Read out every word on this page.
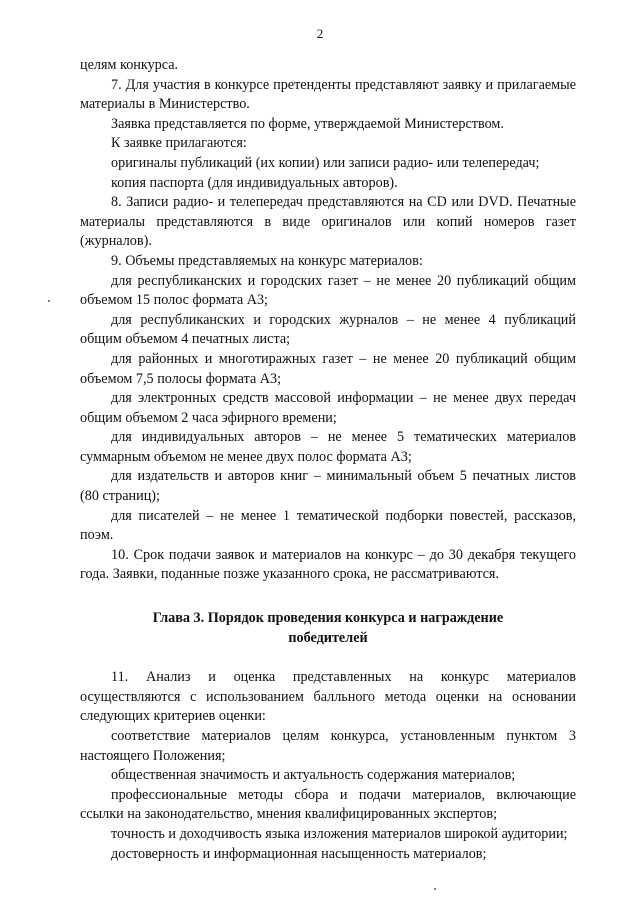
2

целям конкурса.

7. Для участия в конкурсе претенденты представляют заявку и прилагаемые материалы в Министерство.

Заявка представляется по форме, утверждаемой Министерством.

К заявке прилагаются:

оригиналы публикаций (их копии) или записи радио- или телепередач;

копия паспорта (для индивидуальных авторов).

8. Записи радио- и телепередач представляются на CD или DVD. Печатные материалы представляются в виде оригиналов или копий номеров газет (журналов).

9. Объемы представляемых на конкурс материалов:

для республиканских и городских газет – не менее 20 публикаций общим объемом 15 полос формата А3;

для республиканских и городских журналов – не менее 4 публикаций общим объемом 4 печатных листа;

для районных и многотиражных газет – не менее 20 публикаций общим объемом 7,5 полосы формата А3;

для электронных средств массовой информации – не менее двух передач общим объемом 2 часа эфирного времени;

для индивидуальных авторов – не менее 5 тематических материалов суммарным объемом не менее двух полос формата А3;

для издательств и авторов книг – минимальный объем 5 печатных листов (80 страниц);

для писателей – не менее 1 тематической подборки повестей, рассказов, поэм.

10. Срок подачи заявок и материалов на конкурс – до 30 декабря текущего года. Заявки, поданные позже указанного срока, не рассматриваются.

Глава 3. Порядок проведения конкурса и награждение победителей

11. Анализ и оценка представленных на конкурс материалов осуществляются с использованием балльного метода оценки на основании следующих критериев оценки:

соответствие материалов целям конкурса, установленным пунктом 3 настоящего Положения;

общественная значимость и актуальность содержания материалов;

профессиональные методы сбора и подачи материалов, включающие ссылки на законодательство, мнения квалифицированных экспертов;

точность и доходчивость языка изложения материалов широкой аудитории;

достоверность и информационная насыщенность материалов;
